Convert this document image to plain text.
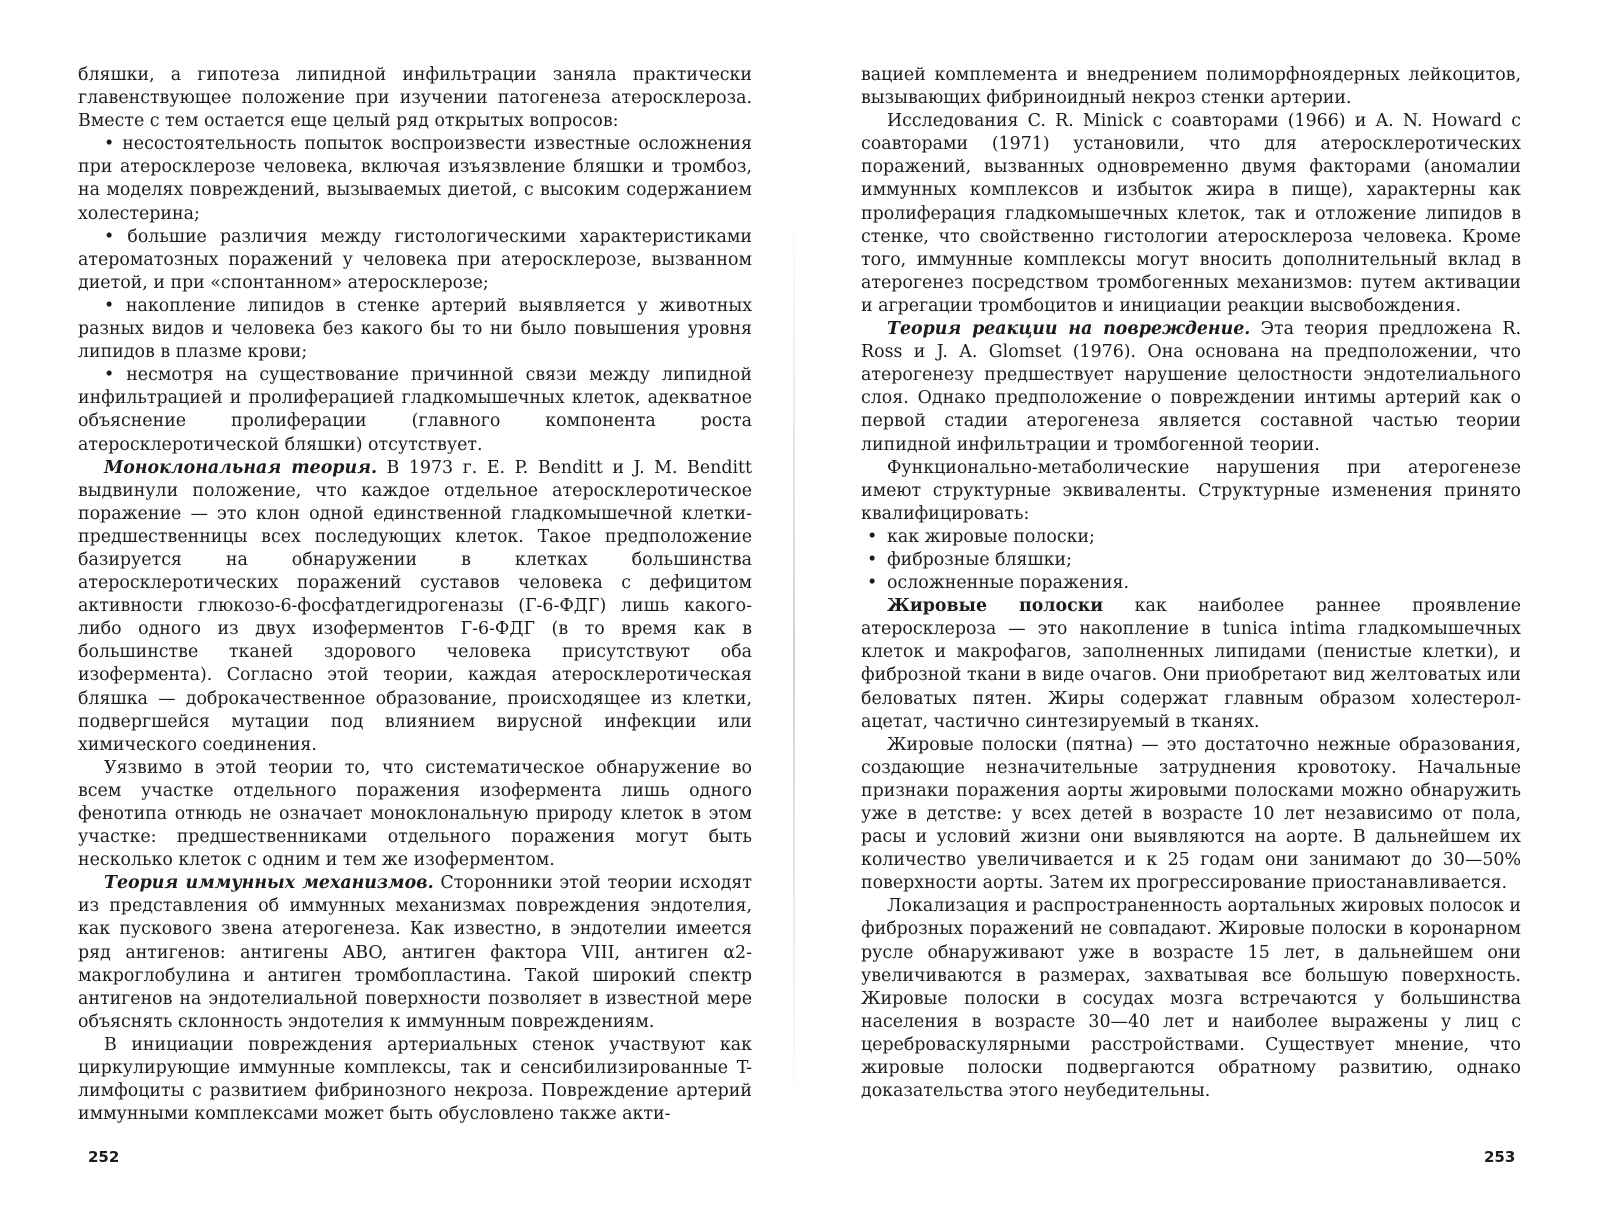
бляшки, а гипотеза липидной инфильтрации заняла практически главенствующее положение при изучении патогенеза атеросклероза. Вместе с тем остается еще целый ряд открытых вопросов:

• несостоятельность попыток воспроизвести известные осложнения при атеросклерозе человека, включая изъязвление бляшки и тромбоз, на моделях повреждений, вызываемых диетой, с высоким содержанием холестерина;

• большие различия между гистологическими характеристиками атероматозных поражений у человека при атеросклерозе, вызванном диетой, и при «спонтанном» атеросклерозе;

• накопление липидов в стенке артерий выявляется у животных разных видов и человека без какого бы то ни было повышения уровня липидов в плазме крови;

• несмотря на существование причинной связи между липидной инфильтрацией и пролиферацией гладкомышечных клеток, адекватное объяснение пролиферации (главного компонента роста атеросклеротической бляшки) отсутствует.

Моноклональная теория. В 1973 г. E. P. Benditt и J. M. Benditt выдвинули положение, что каждое отдельное атеросклеротическое поражение — это клон одной единственной гладкомышечной клетки-предшественницы всех последующих клеток. Такое предположение базируется на обнаружении в клетках большинства атеросклеротических поражений суставов человека с дефицитом активности глюкозо-6-фосфатдегидрогеназы (Г-6-ФДГ) лишь какого-либо одного из двух изоферментов Г-6-ФДГ (в то время как в большинстве тканей здорового человека присутствуют оба изофермента). Согласно этой теории, каждая атеросклеротическая бляшка — доброкачественное образование, происходящее из клетки, подвергшейся мутации под влиянием вирусной инфекции или химического соединения.

Уязвимо в этой теории то, что систематическое обнаружение во всем участке отдельного поражения изофермента лишь одного фенотипа отнюдь не означает моноклональную природу клеток в этом участке: предшественниками отдельного поражения могут быть несколько клеток с одним и тем же изоферментом.

Теория иммунных механизмов. Сторонники этой теории исходят из представления об иммунных механизмах повреждения эндотелия, как пускового звена атерогенеза. Как известно, в эндотелии имеется ряд антигенов: антигены ABO, антиген фактора VIII, антиген α2-макроглобулина и антиген тромбопластина. Такой широкий спектр антигенов на эндотелиальной поверхности позволяет в известной мере объяснять склонность эндотелия к иммунным повреждениям.

В инициации повреждения артериальных стенок участвуют как циркулирующие иммунные комплексы, так и сенсибилизированные T-лимфоциты с развитием фибринозного некроза. Повреждение артерий иммунными комплексами может быть обусловлено также акти-

252

вацией комплемента и внедрением полиморфноядерных лейкоцитов, вызывающих фибриноидный некроз стенки артерии.

Исследования C. R. Minick с соавторами (1966) и A. N. Howard с соавторами (1971) установили, что для атеросклеротических поражений, вызванных одновременно двумя факторами (аномалии иммунных комплексов и избыток жира в пище), характерны как пролиферация гладкомышечных клеток, так и отложение липидов в стенке, что свойственно гистологии атеросклероза человека. Кроме того, иммунные комплексы могут вносить дополнительный вклад в атерогенез посредством тромбогенных механизмов: путем активации и агрегации тромбоцитов и инициации реакции высвобождения.

Теория реакции на повреждение. Эта теория предложена R. Ross и J. A. Glomset (1976). Она основана на предположении, что атерогенезу предшествует нарушение целостности эндотелиального слоя. Однако предположение о повреждении интимы артерий как о первой стадии атерогенеза является составной частью теории липидной инфильтрации и тромбогенной теории.

Функционально-метаболические нарушения при атерогенезе имеют структурные эквиваленты. Структурные изменения принято квалифицировать:

• как жировые полоски;

• фиброзные бляшки;

• осложненные поражения.

Жировые полоски как наиболее раннее проявление атеросклероза — это накопление в tunica intima гладкомышечных клеток и макрофагов, заполненных липидами (пенистые клетки), и фиброзной ткани в виде очагов. Они приобретают вид желтоватых или беловатых пятен. Жиры содержат главным образом холестерол-ацетат, частично синтезируемый в тканях.

Жировые полоски (пятна) — это достаточно нежные образования, создающие незначительные затруднения кровотоку. Начальные признаки поражения аорты жировыми полосками можно обнаружить уже в детстве: у всех детей в возрасте 10 лет независимо от пола, расы и условий жизни они выявляются на аорте. В дальнейшем их количество увеличивается и к 25 годам они занимают до 30—50% поверхности аорты. Затем их прогрессирование приостанавливается.

Локализация и распространенность аортальных жировых полосок и фиброзных поражений не совпадают. Жировые полоски в коронарном русле обнаруживают уже в возрасте 15 лет, в дальнейшем они увеличиваются в размерах, захватывая все большую поверхность. Жировые полоски в сосудах мозга встречаются у большинства населения в возрасте 30—40 лет и наиболее выражены у лиц с цереброваскулярными расстройствами. Существует мнение, что жировые полоски подвергаются обратному развитию, однако доказательства этого неубедительны.

253
